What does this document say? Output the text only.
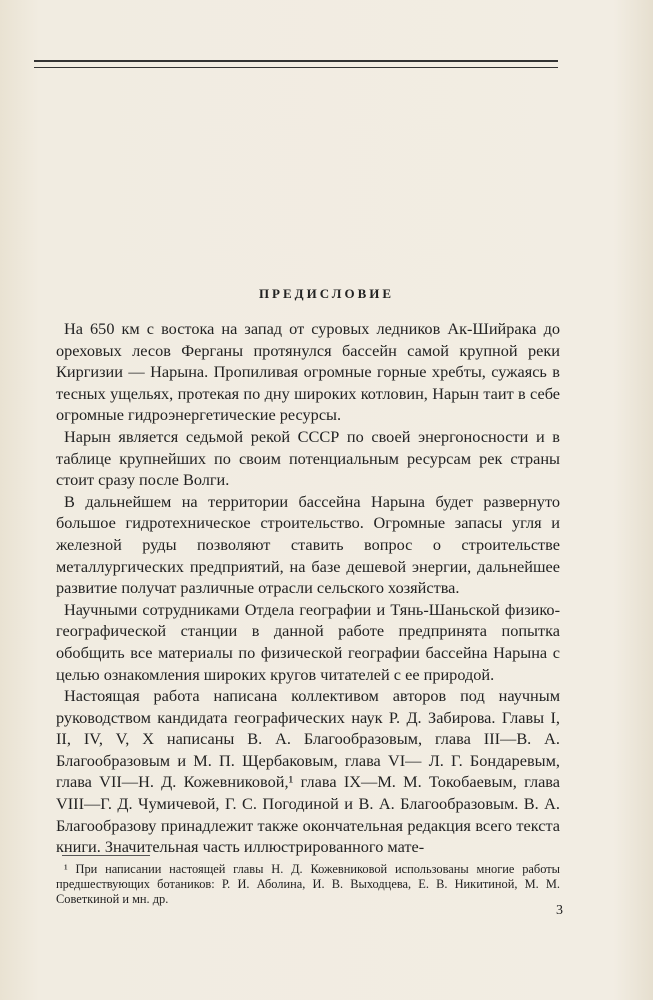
ПРЕДИСЛОВИЕ

На 650 км с востока на запад от суровых ледников Ак-Шийрака до ореховых лесов Ферганы протянулся бассейн самой крупной реки Киргизии — Нарына. Пропиливая огромные горные хребты, сужаясь в тесных ущельях, протекая по дну широких котловин, Нарын таит в себе огромные гидроэнергетические ресурсы.

Нарын является седьмой рекой СССР по своей энергоносности и в таблице крупнейших по своим потенциальным ресурсам рек страны стоит сразу после Волги.

В дальнейшем на территории бассейна Нарына будет развернуто большое гидротехническое строительство. Огромные запасы угля и железной руды позволяют ставить вопрос о строительстве металлургических предприятий, на базе дешевой энергии, дальнейшее развитие получат различные отрасли сельского хозяйства.

Научными сотрудниками Отдела географии и Тянь-Шаньской физико-географической станции в данной работе предпринята попытка обобщить все материалы по физической географии бассейна Нарына с целью ознакомления широких кругов читателей с ее природой.

Настоящая работа написана коллективом авторов под научным руководством кандидата географических наук Р. Д. Забирова. Главы I, II, IV, V, X написаны В. А. Благообразовым, глава III—В. А. Благообразовым и М. П. Щербаковым, глава VI— Л. Г. Бондаревым, глава VII—Н. Д. Кожевниковой,¹ глава IX—М. М. Токобаевым, глава VIII—Г. Д. Чумичевой, Г. С. Погодиной и В. А. Благообразовым. В. А. Благообразову принадлежит также окончательная редакция всего текста книги. Значительная часть иллюстрированного мате-

¹ При написании настоящей главы Н. Д. Кожевниковой использованы многие работы предшествующих ботаников: Р. И. Аболина, И. В. Выходцева, Е. В. Никитиной, М. М. Советкиной и мн. др.

3
